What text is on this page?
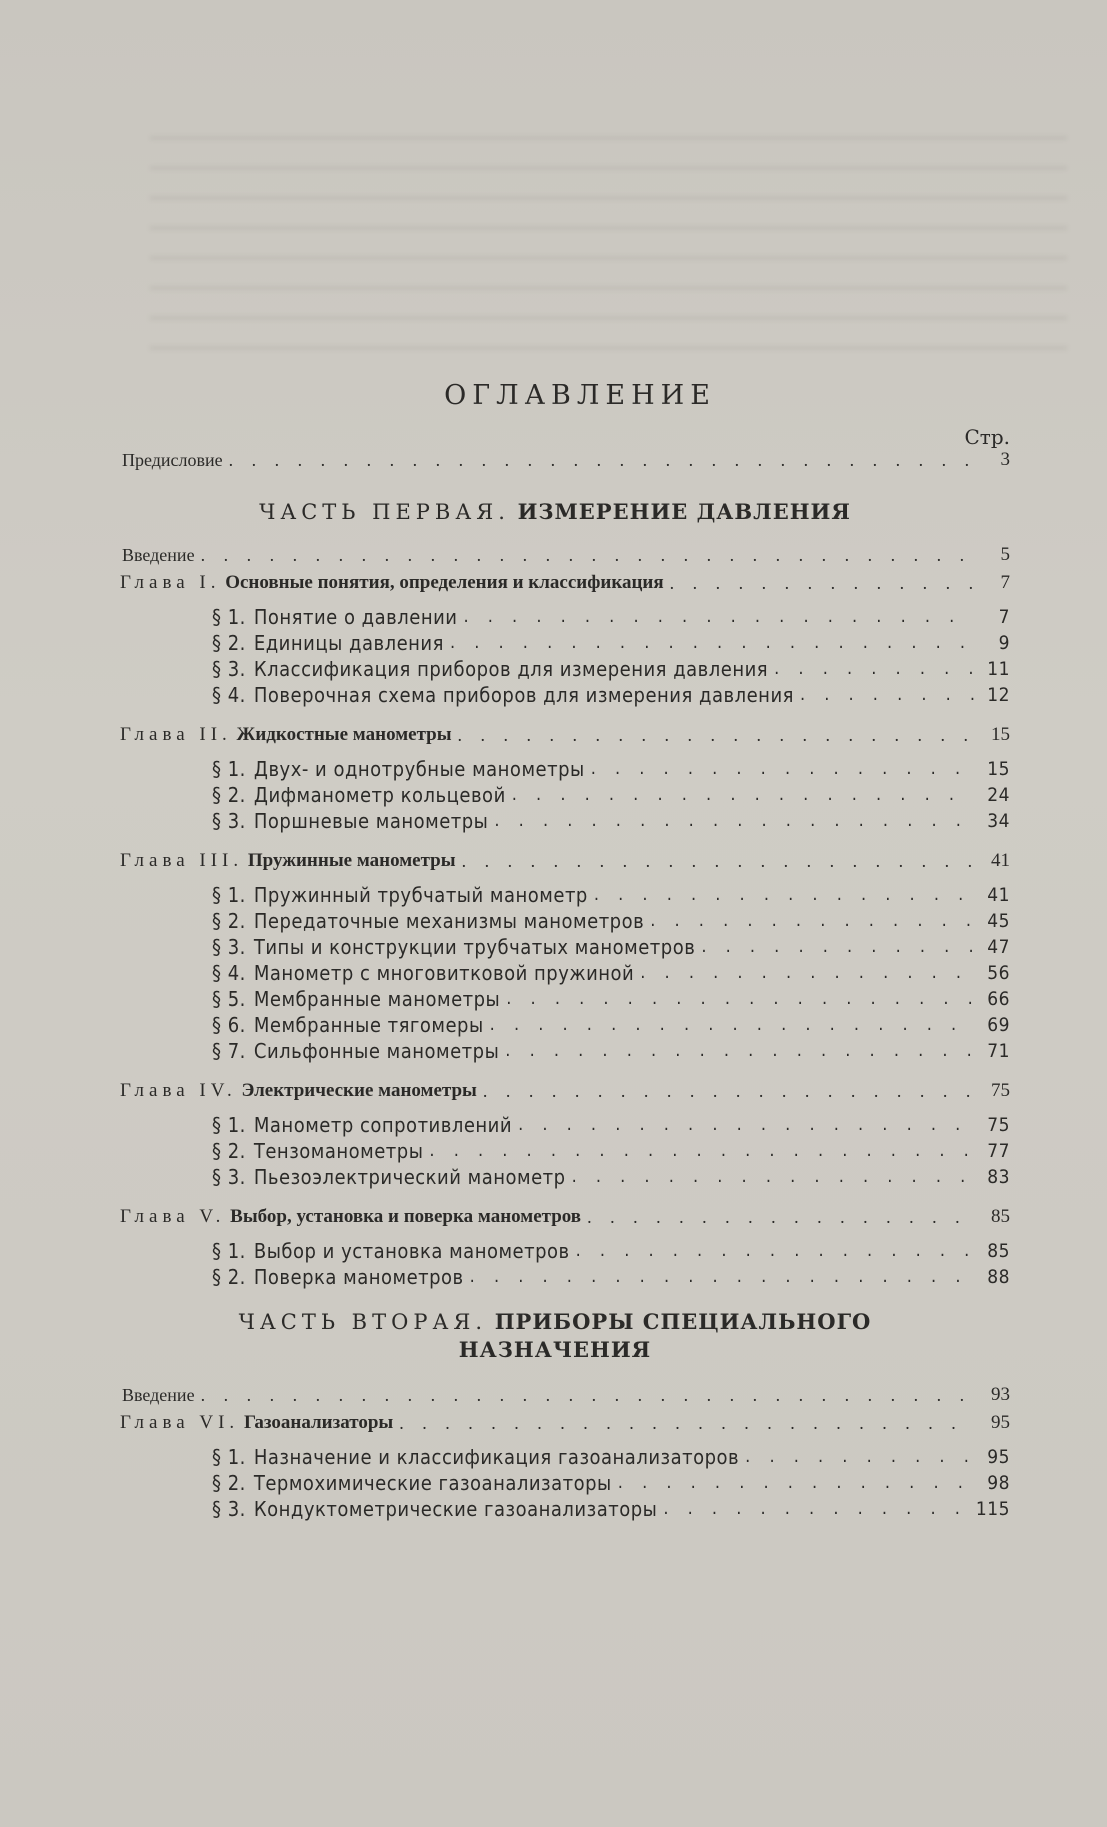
ОГЛАВЛЕНИЕ
Стр.
Предисловие . . .	3
ЧАСТЬ ПЕРВАЯ. ИЗМЕРЕНИЕ ДАВЛЕНИЯ
Введение . . .	5
Глава I. Основные понятия, определения и классификация . . .	7
§ 1. Понятие о давлении . . .	7
§ 2. Единицы давления . . .	9
§ 3. Классификация приборов для измерения давления . . .	11
§ 4. Поверочная схема приборов для измерения давления . . .	12
Глава II. Жидкостные манометры . . .	15
§ 1. Двух- и однотрубные манометры . . .	15
§ 2. Дифманометр кольцевой . . .	24
§ 3. Поршневые манометры . . .	34
Глава III. Пружинные манометры . . .	41
§ 1. Пружинный трубчатый манометр . . .	41
§ 2. Передаточные механизмы манометров . . .	45
§ 3. Типы и конструкции трубчатых манометров . . .	47
§ 4. Манометр с многовитковой пружиной . . .	56
§ 5. Мембранные манометры . . .	66
§ 6. Мембранные тягомеры . . .	69
§ 7. Сильфонные манометры . . .	71
Глава IV. Электрические манометры . . .	75
§ 1. Манометр сопротивлений . . .	75
§ 2. Тензоманометры . . .	77
§ 3. Пьезоэлектрический манометр . . .	83
Глава V. Выбор, установка и поверка манометров . . .	85
§ 1. Выбор и установка манометров . . .	85
§ 2. Поверка манометров . . .	88
ЧАСТЬ ВТОРАЯ. ПРИБОРЫ СПЕЦИАЛЬНОГО
НАЗНАЧЕНИЯ
Введение . . .	93
Глава VI. Газоанализаторы . . .	95
§ 1. Назначение и классификация газоанализаторов . . .	95
§ 2. Термохимические газоанализаторы . . .	98
§ 3. Кондуктометрические газоанализаторы . . .	115
